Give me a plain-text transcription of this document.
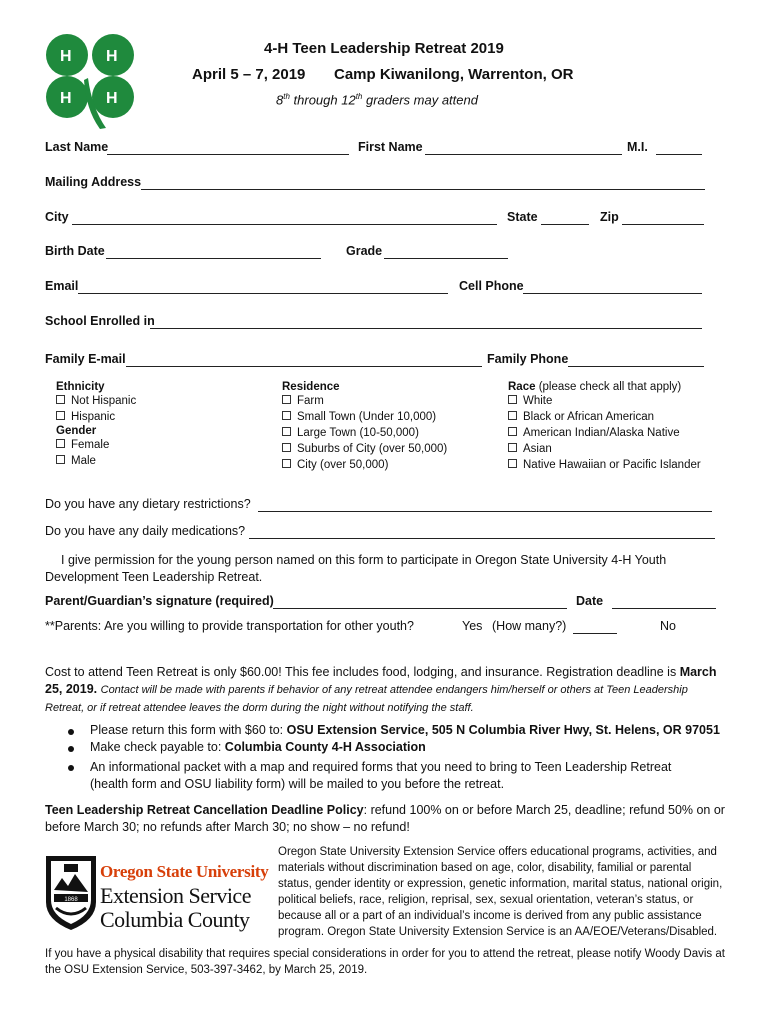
H H
H H
4-H Teen Leadership Retreat 2019
April 5 – 7, 2019 Camp Kiwanilong, Warrenton, OR
8th through 12th graders may attend
Last Name	First Name	M.I.
Mailing Address
City	State	Zip
Birth Date	Grade
Email	Cell Phone
School Enrolled in
Family E-mail	Family Phone
Ethnicity
Not Hispanic
Hispanic
Gender
Female
Male
Residence
Farm
Small Town (Under 10,000)
Large Town (10-50,000)
Suburbs of City (over 50,000)
City (over 50,000)
Race (please check all that apply)
White
Black or African American
American Indian/Alaska Native
Asian
Native Hawaiian or Pacific Islander
Do you have any dietary restrictions?
Do you have any daily medications?
I give permission for the young person named on this form to participate in Oregon State University 4-H Youth Development Teen Leadership Retreat.
Parent/Guardian’s signature (required)	Date
**Parents: Are you willing to provide transportation for other youth?	Yes (How many?)	No
Cost to attend Teen Retreat is only $60.00! This fee includes food, lodging, and insurance. Registration deadline is March 25, 2019. Contact will be made with parents if behavior of any retreat attendee endangers him/herself or others at Teen Leadership Retreat, or if retreat attendee leaves the dorm during the night without notifying the staff.
Please return this form with $60 to: OSU Extension Service, 505 N Columbia River Hwy, St. Helens, OR 97051
Make check payable to: Columbia County 4-H Association
An informational packet with a map and required forms that you need to bring to Teen Leadership Retreat (health form and OSU liability form) will be mailed to you before the retreat.
Teen Leadership Retreat Cancellation Deadline Policy: refund 100% on or before March 25, deadline; refund 50% on or before March 30; no refunds after March 30; no show – no refund!
1868
Oregon State University
Extension Service
Columbia County
Oregon State University Extension Service offers educational programs, activities, and materials without discrimination based on age, color, disability, familial or parental status, gender identity or expression, genetic information, marital status, national origin, political beliefs, race, religion, reprisal, sex, sexual orientation, veteran’s status, or because all or a part of an individual’s income is derived from any public assistance program. Oregon State University Extension Service is an AA/EOE/Veterans/Disabled.
If you have a physical disability that requires special considerations in order for you to attend the retreat, please notify Woody Davis at the OSU Extension Service, 503-397-3462, by March 25, 2019.
